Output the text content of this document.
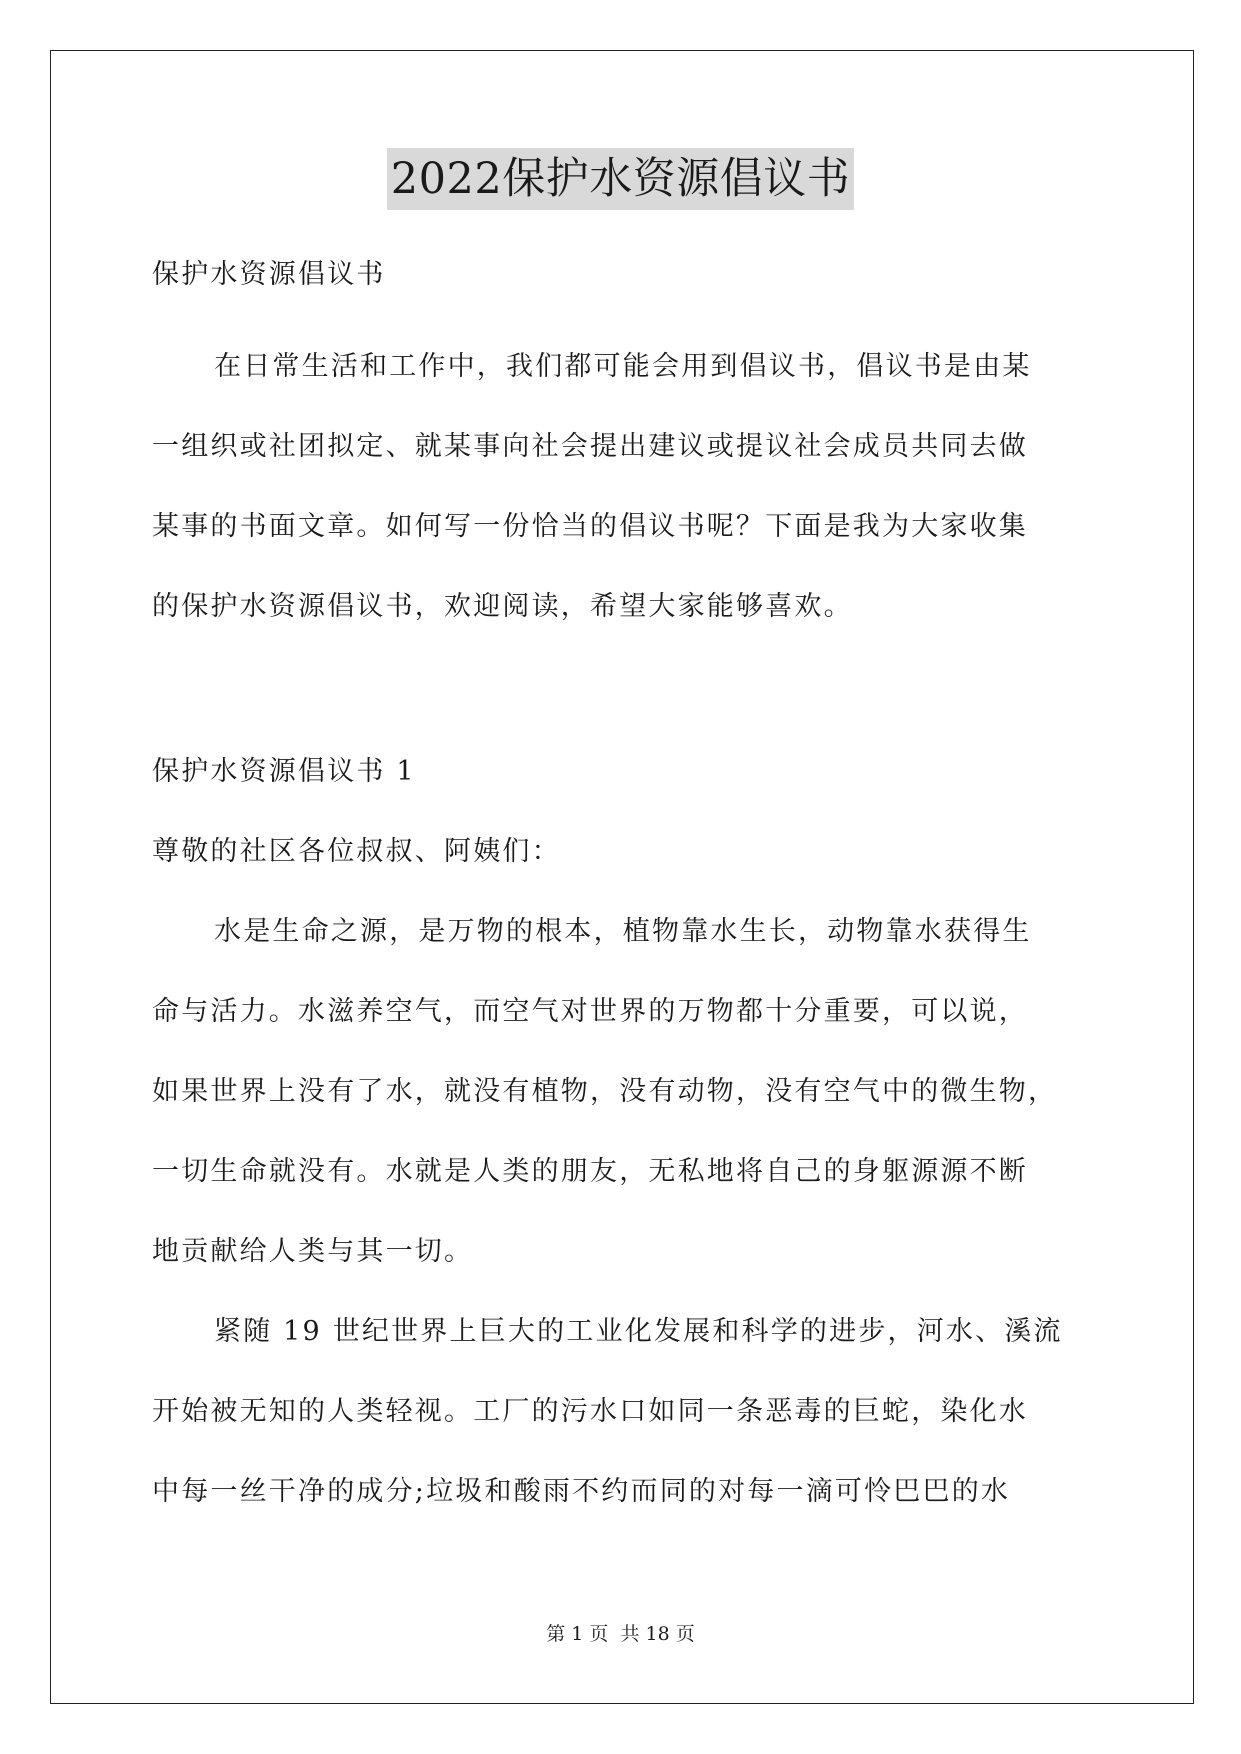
2022保护水资源倡议书
保护水资源倡议书
在日常生活和工作中，我们都可能会用到倡议书，倡议书是由某
一组织或社团拟定、就某事向社会提出建议或提议社会成员共同去做
某事的书面文章。如何写一份恰当的倡议书呢？下面是我为大家收集
的保护水资源倡议书，欢迎阅读，希望大家能够喜欢。
保护水资源倡议书 1
尊敬的社区各位叔叔、阿姨们：
水是生命之源，是万物的根本，植物靠水生长，动物靠水获得生
命与活力。水滋养空气，而空气对世界的万物都十分重要，可以说，
如果世界上没有了水，就没有植物，没有动物，没有空气中的微生物，
一切生命就没有。水就是人类的朋友，无私地将自己的身躯源源不断
地贡献给人类与其一切。
紧随 19 世纪世界上巨大的工业化发展和科学的进步，河水、溪流
开始被无知的人类轻视。工厂的污水口如同一条恶毒的巨蛇，染化水
中每一丝干净的成分;垃圾和酸雨不约而同的对每一滴可怜巴巴的水
第 1 页 共 18 页
